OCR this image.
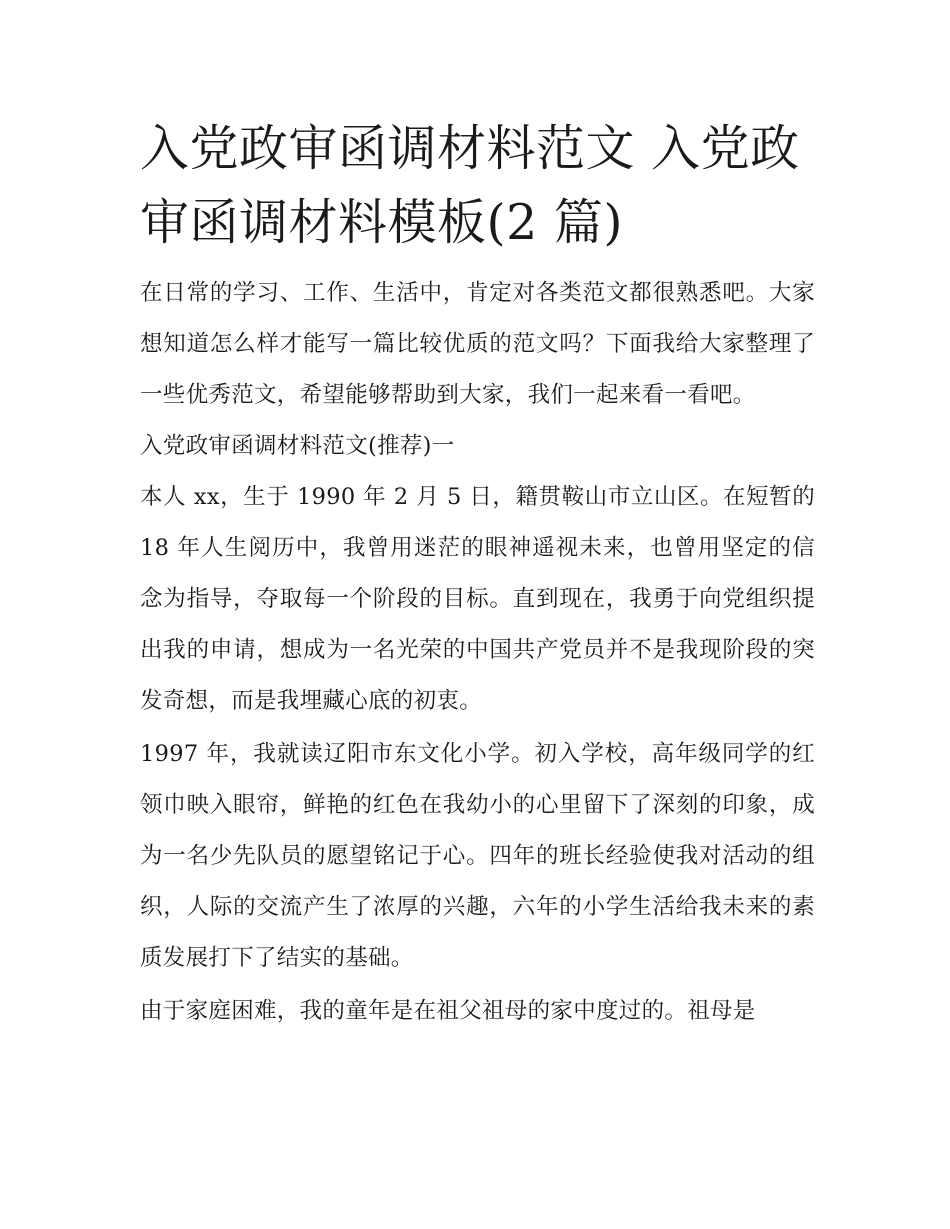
入党政审函调材料范文 入党政审函调材料模板(2 篇)

在日常的学习、工作、生活中，肯定对各类范文都很熟悉吧。大家想知道怎么样才能写一篇比较优质的范文吗？下面我给大家整理了一些优秀范文，希望能够帮助到大家，我们一起来看一看吧。

入党政审函调材料范文(推荐)一

本人 xx，生于 1990 年 2 月 5 日，籍贯鞍山市立山区。在短暂的 18 年人生阅历中，我曾用迷茫的眼神遥视未来，也曾用坚定的信念为指导，夺取每一个阶段的目标。直到现在，我勇于向党组织提出我的申请，想成为一名光荣的中国共产党员并不是我现阶段的突发奇想，而是我埋藏心底的初衷。

1997 年，我就读辽阳市东文化小学。初入学校，高年级同学的红领巾映入眼帘，鲜艳的红色在我幼小的心里留下了深刻的印象，成为一名少先队员的愿望铭记于心。四年的班长经验使我对活动的组织，人际的交流产生了浓厚的兴趣，六年的小学生活给我未来的素质发展打下了结实的基础。

由于家庭困难，我的童年是在祖父祖母的家中度过的。祖母是
